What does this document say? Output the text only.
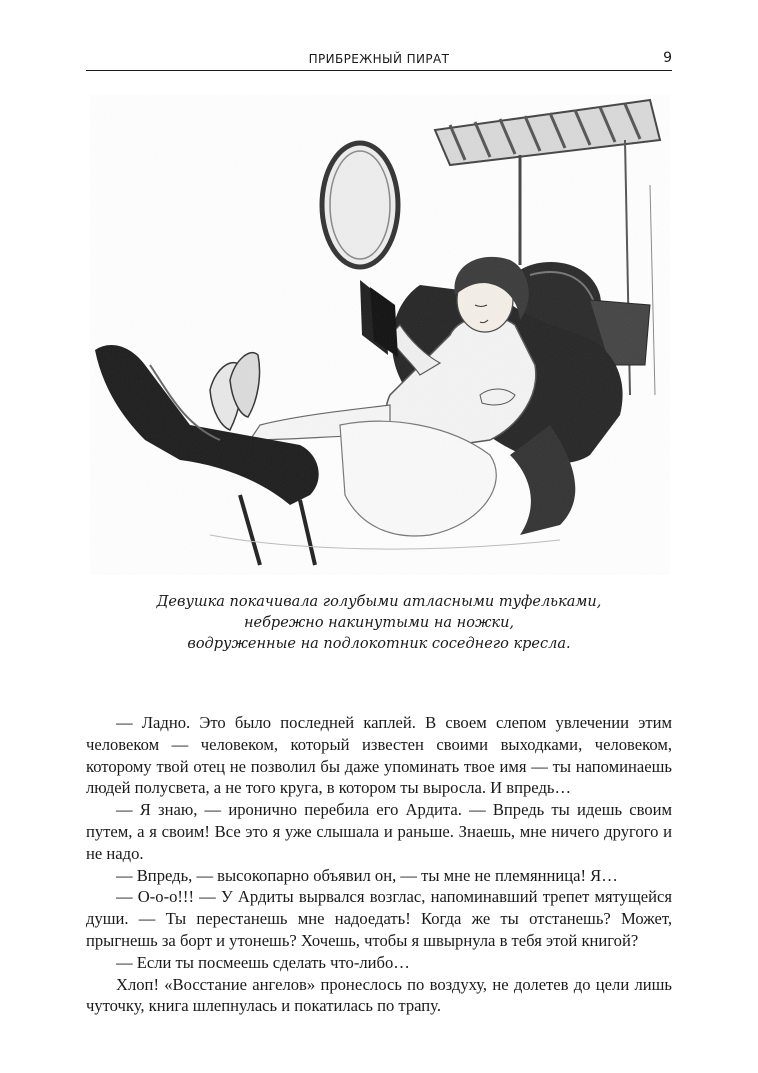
ПРИБРЕЖНЫЙ ПИРАТ	9
Девушка покачивала голубыми атласными туфельками,
небрежно накинутыми на ножки,
водруженные на подлокотник соседнего кресла.

— Ладно. Это было последней каплей. В своем слепом увлечении этим человеком — человеком, который известен своими выходками, человеком, которому твой отец не позволил бы даже упоминать твое имя — ты напоминаешь людей полусвета, а не того круга, в котором ты выросла. И впредь…

— Я знаю, — иронично перебила его Ардита. — Впредь ты идешь своим путем, а я своим! Все это я уже слышала и раньше. Знаешь, мне ничего другого и не надо.

— Впредь, — высокопарно объявил он, — ты мне не племянница! Я…

— О-о-о!!! — У Ардиты вырвался возглас, напоминавший трепет мятущейся души. — Ты перестанешь мне надоедать! Когда же ты отстанешь? Может, прыгнешь за борт и утонешь? Хочешь, чтобы я швырнула в тебя этой книгой?

— Если ты посмеешь сделать что-либо…

Хлоп! «Восстание ангелов» пронеслось по воздуху, не долетев до цели лишь чуточку, книга шлепнулась и покатилась по трапу.
